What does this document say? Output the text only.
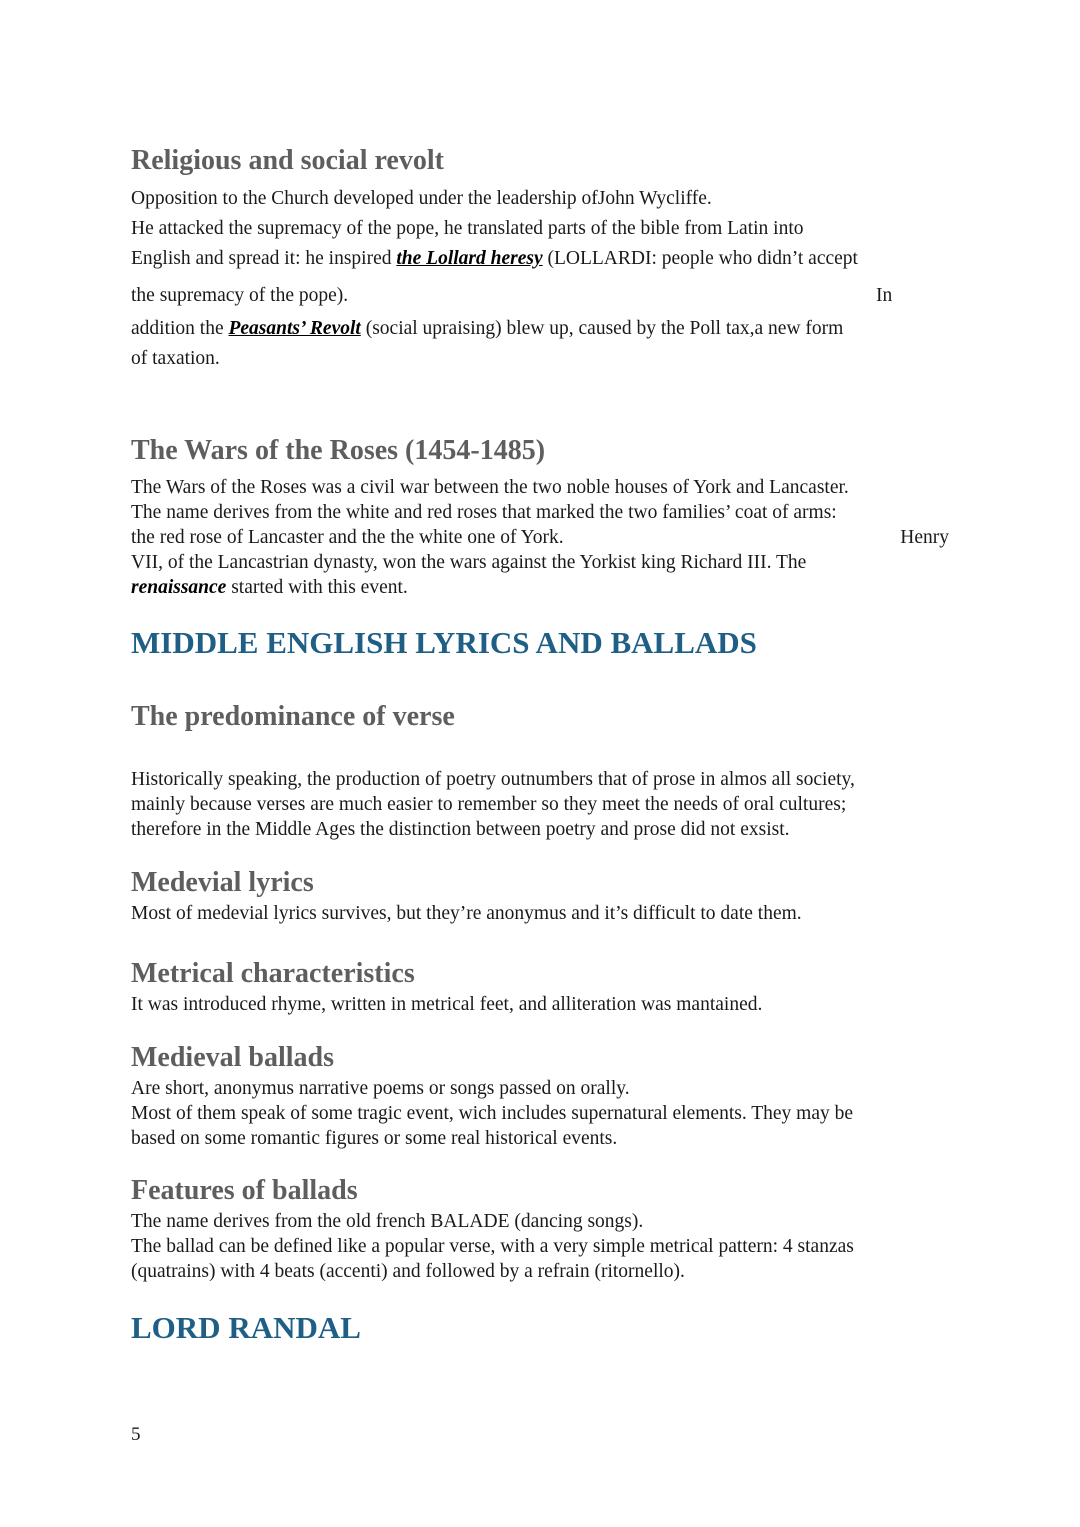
Religious and social revolt
Opposition to the Church developed under the leadership ofJohn Wycliffe.
He attacked the supremacy of the pope, he translated parts of the bible from Latin into
English and spread it: he inspired the Lollard heresy (LOLLARDI: people who didn’t accept
the supremacy of the pope).	In
addition the Peasants’ Revolt (social upraising) blew up, caused by the Poll tax,a new form
of taxation.
The Wars of the Roses (1454-1485)
The Wars of the Roses was a civil war between the two noble houses of York and Lancaster.
The name derives from the white and red roses that marked the two families’ coat of arms:
the red rose of Lancaster and the the white one of York.	Henry
VII, of the Lancastrian dynasty, won the wars against the Yorkist king Richard III. The
renaissance started with this event.
MIDDLE ENGLISH LYRICS AND BALLADS
The predominance of verse
Historically speaking, the production of poetry outnumbers that of prose in almos all society,
mainly because verses are much easier to remember so they meet the needs of oral cultures;
therefore in the Middle Ages the distinction between poetry and prose did not exsist.
Medevial lyrics
Most of medevial lyrics survives, but they’re anonymus and it’s difficult to date them.
Metrical characteristics
It was introduced rhyme, written in metrical feet, and alliteration was mantained.
Medieval ballads
Are short, anonymus narrative poems or songs passed on orally.
Most of them speak of some tragic event, wich includes supernatural elements. They may be
based on some romantic figures or some real historical events.
Features of ballads
The name derives from the old french BALADE (dancing songs).
The ballad can be defined like a popular verse, with a very simple metrical pattern: 4 stanzas
(quatrains) with 4 beats (accenti) and followed by a refrain (ritornello).
LORD RANDAL
5
